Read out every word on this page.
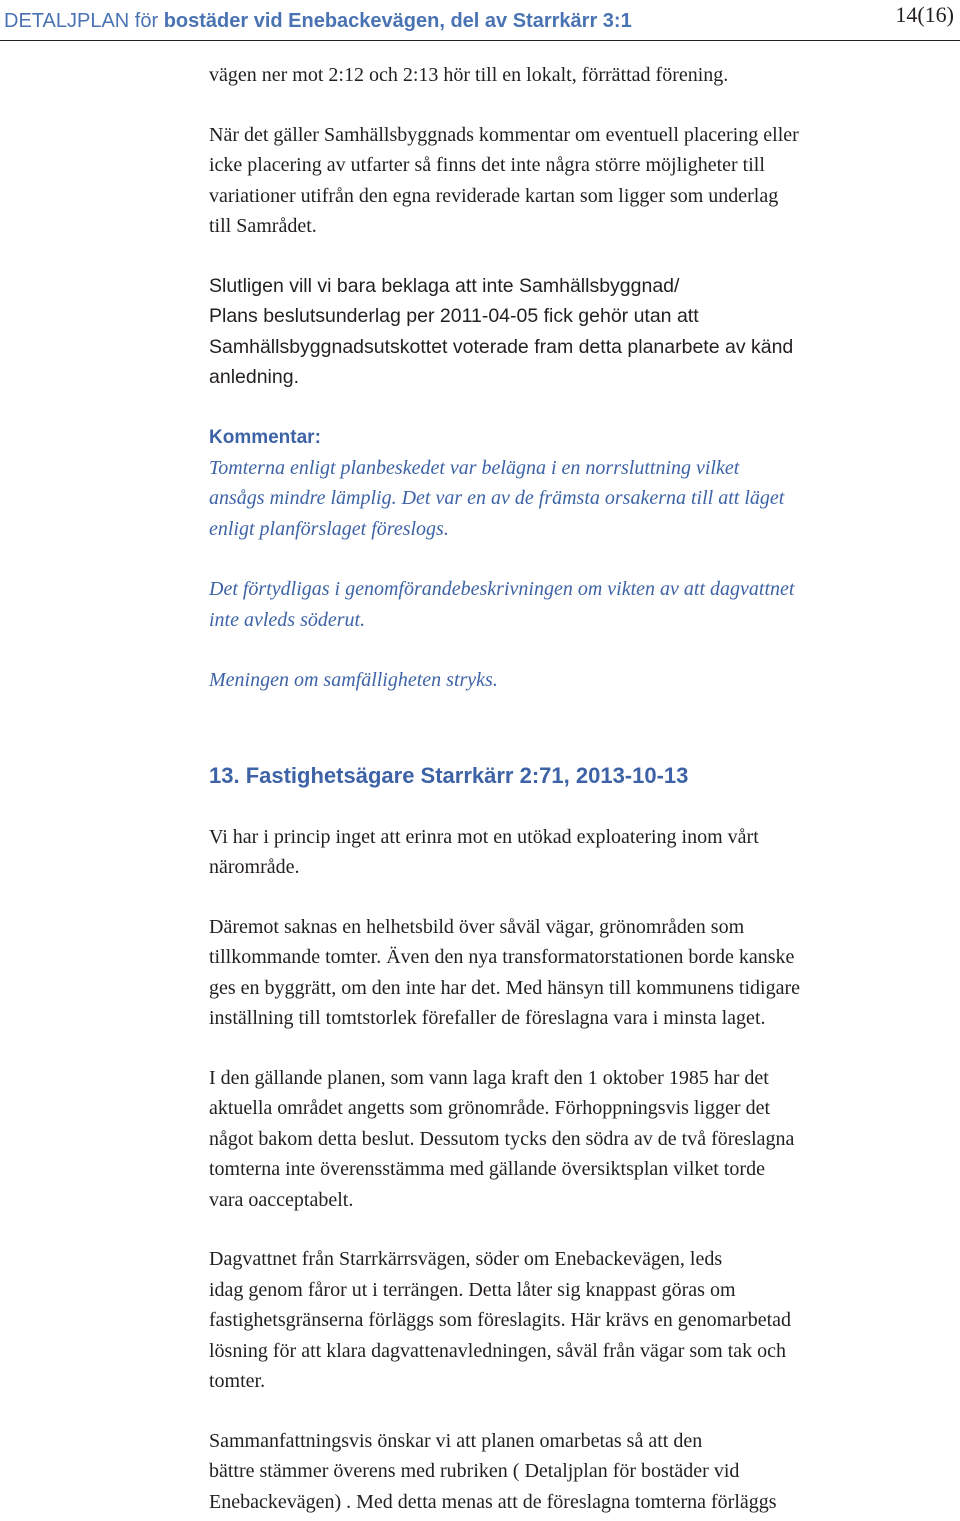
DETALJPLAN för bostäder vid Enebackevägen, del av Starrkärr 3:1	14(16)

vägen ner mot 2:12 och 2:13 hör till en lokalt, förrättad förening.

När det gäller Samhällsbyggnads kommentar om eventuell placering eller
icke placering av utfarter så finns det inte några större möjligheter till
variationer utifrån den egna reviderade kartan som ligger som underlag
till Samrådet.

Slutligen vill vi bara beklaga att inte Samhällsbyggnad/
Plans beslutsunderlag per 2011-04-05 fick gehör utan att
Samhällsbyggnadsutskottet voterade fram detta planarbete av känd
anledning.

Kommentar:

Tomterna enligt planbeskedet var belägna i en norrsluttning vilket
ansågs mindre lämplig. Det var en av de främsta orsakerna till att läget
enligt planförslaget föreslogs.

Det förtydligas i genomförandebeskrivningen om vikten av att dagvattnet
inte avleds söderut.

Meningen om samfälligheten stryks.

13. Fastighetsägare Starrkärr 2:71, 2013-10-13

Vi har i princip inget att erinra mot en utökad exploatering inom vårt
närområde.

Däremot saknas en helhetsbild över såväl vägar, grönområden som
tillkommande tomter. Även den nya transformatorstationen borde kanske
ges en byggrätt, om den inte har det. Med hänsyn till kommunens tidigare
inställning till tomtstorlek förefaller de föreslagna vara i minsta laget.

I den gällande planen, som vann laga kraft den 1 oktober 1985 har det
aktuella området angetts som grönområde. Förhoppningsvis ligger det
något bakom detta beslut. Dessutom tycks den södra av de två föreslagna
tomterna inte överensstämma med gällande översiktsplan vilket torde
vara oacceptabelt.

Dagvattnet från Starrkärrsvägen, söder om Enebackevägen, leds
idag genom fåror ut i terrängen. Detta låter sig knappast göras om
fastighetsgränserna förläggs som föreslagits. Här krävs en genomarbetad
lösning för att klara dagvattenavledningen, såväl från vägar som tak och
tomter.

Sammanfattningsvis önskar vi att planen omarbetas så att den
bättre stämmer överens med rubriken ( Detaljplan för bostäder vid
Enebackevägen) . Med detta menas att de föreslagna tomterna förläggs
